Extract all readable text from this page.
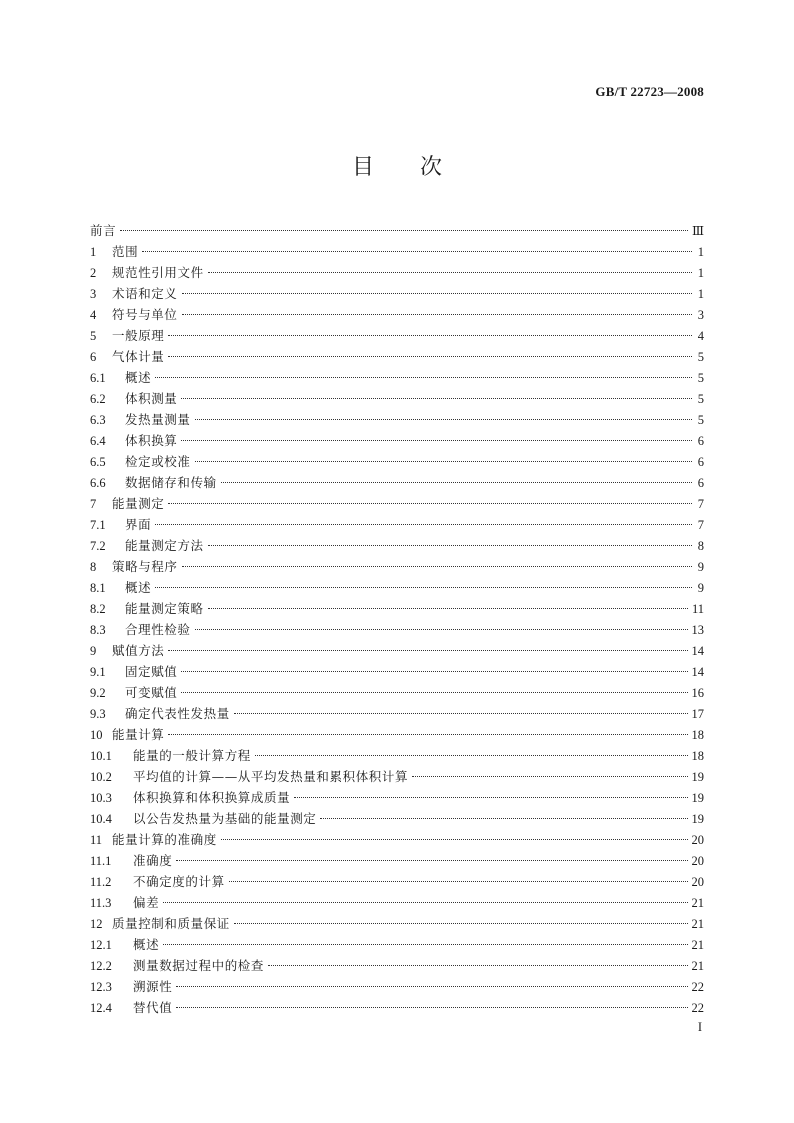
GB/T 22723—2008
目 次
前言	Ⅲ
1	范围	1
2	规范性引用文件	1
3	术语和定义	1
4	符号与单位	3
5	一般原理	4
6	气体计量	5
6.1	概述	5
6.2	体积测量	5
6.3	发热量测量	5
6.4	体积换算	6
6.5	检定或校准	6
6.6	数据储存和传输	6
7	能量测定	7
7.1	界面	7
7.2	能量测定方法	8
8	策略与程序	9
8.1	概述	9
8.2	能量测定策略	11
8.3	合理性检验	13
9	赋值方法	14
9.1	固定赋值	14
9.2	可变赋值	16
9.3	确定代表性发热量	17
10 能量计算	18
10.1	能量的一般计算方程	18
10.2	平均值的计算——从平均发热量和累积体积计算	19
10.3	体积换算和体积换算成质量	19
10.4	以公告发热量为基础的能量测定	19
11 能量计算的准确度	20
11.1	准确度	20
11.2	不确定度的计算	20
11.3	偏差	21
12 质量控制和质量保证	21
12.1	概述	21
12.2	测量数据过程中的检查	21
12.3	溯源性	22
12.4	替代值	22
I
